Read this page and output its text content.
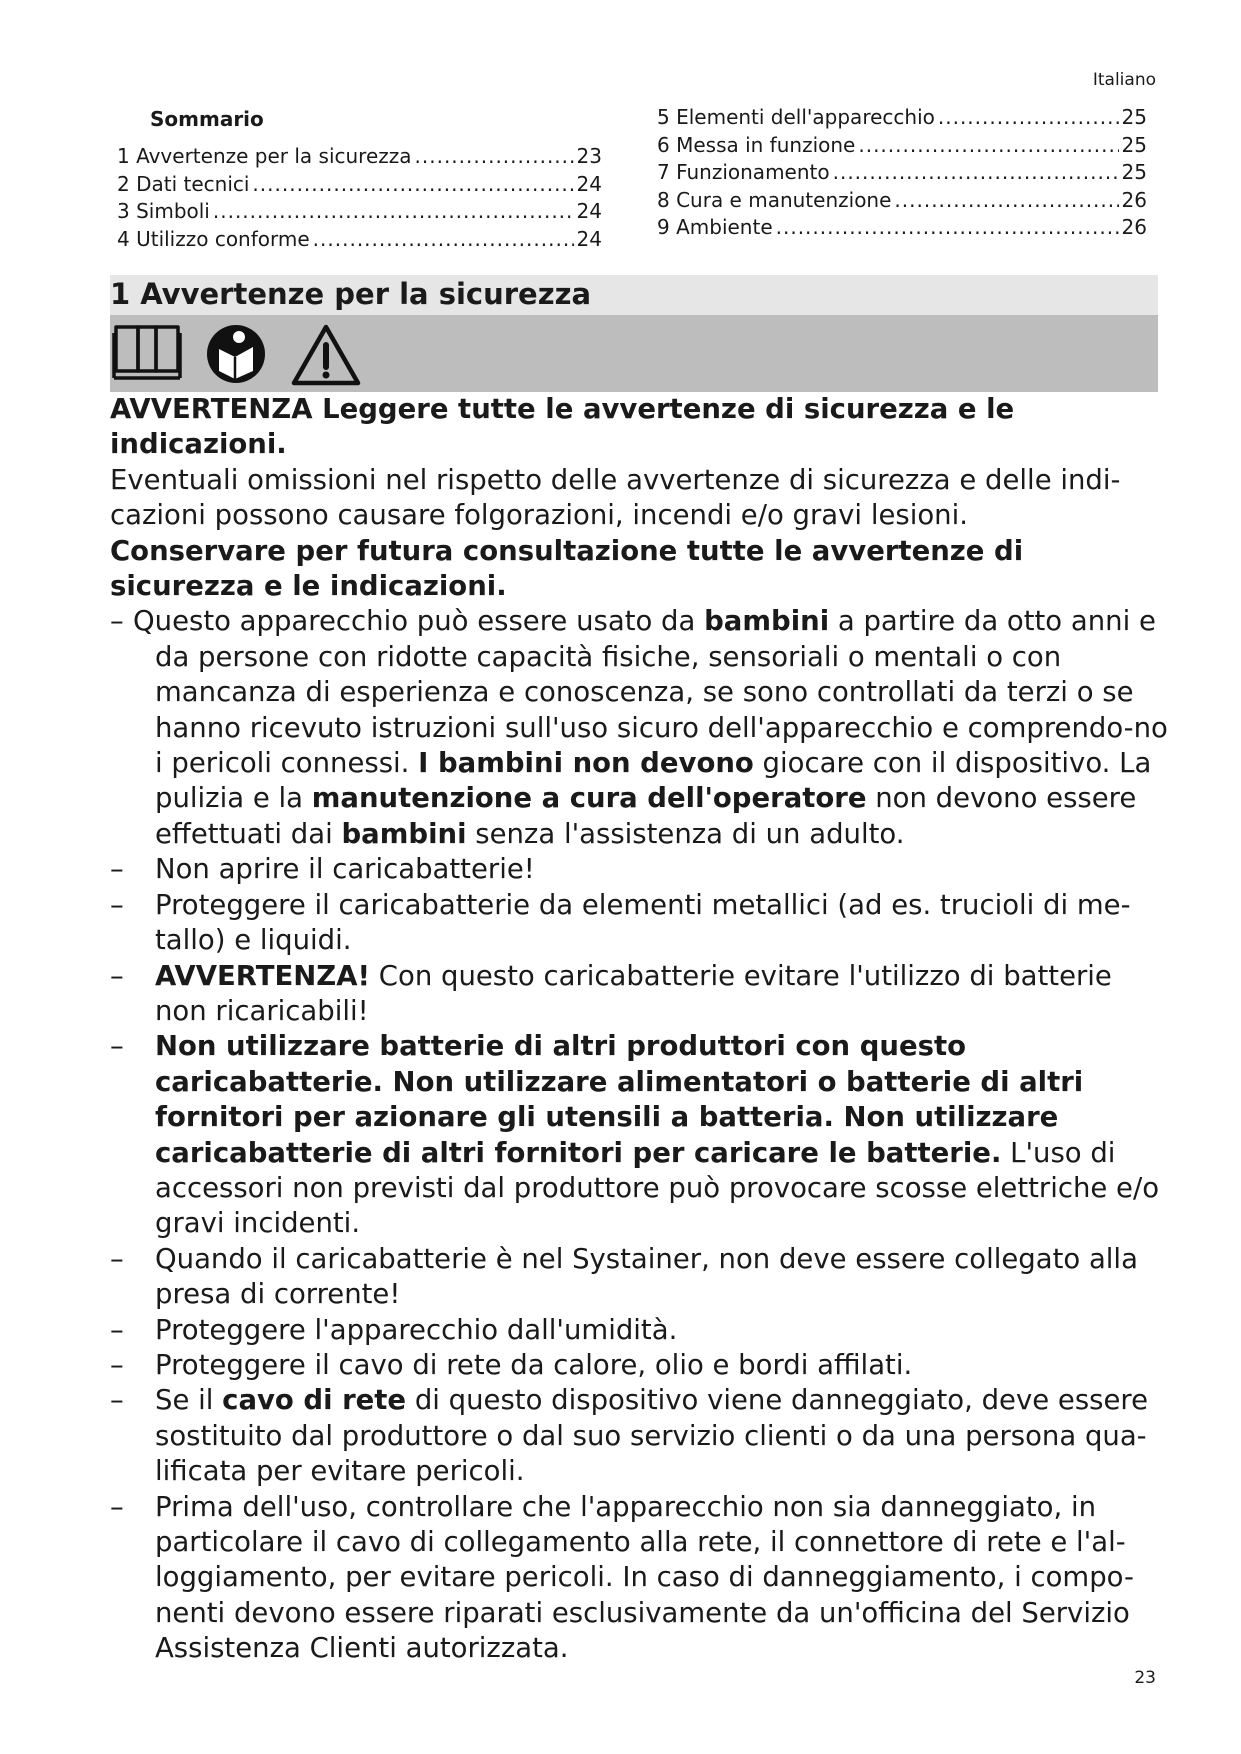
Italiano
Sommario
1 Avvertenze per la sicurezza .....	23
2 Dati tecnici .....	24
3 Simboli .....	24
4 Utilizzo conforme .....	24
5 Elementi dell'apparecchio .....	25
6 Messa in funzione .....	25
7 Funzionamento .....	25
8 Cura e manutenzione .....	26
9 Ambiente .....	26
1 Avvertenze per la sicurezza

AVVERTENZA Leggere tutte le avvertenze di sicurezza e le indicazioni.

Eventuali omissioni nel rispetto delle avvertenze di sicurezza e delle indi-cazioni possono causare folgorazioni, incendi e/o gravi lesioni.

Conservare per futura consultazione tutte le avvertenze di sicurezza e le indicazioni.

– Questo apparecchio può essere usato da bambini a partire da otto anni e da persone con ridotte capacità fisiche, sensoriali o mentali o con mancanza di esperienza e conoscenza, se sono controllati da terzi o se hanno ricevuto istruzioni sull'uso sicuro dell'apparecchio e comprendo-no i pericoli connessi. I bambini non devono giocare con il dispositivo. La pulizia e la manutenzione a cura dell'operatore non devono essere effettuati dai bambini senza l'assistenza di un adulto.
– Non aprire il caricabatterie!
– Proteggere il caricabatterie da elementi metallici (ad es. trucioli di me-tallo) e liquidi.
– AVVERTENZA! Con questo caricabatterie evitare l'utilizzo di batterie non ricaricabili!
– Non utilizzare batterie di altri produttori con questo caricabatterie. Non utilizzare alimentatori o batterie di altri fornitori per azionare gli utensili a batteria. Non utilizzare caricabatterie di altri fornitori per caricare le batterie. L'uso di accessori non previsti dal produttore può provocare scosse elettriche e/o gravi incidenti.
– Quando il caricabatterie è nel Systainer, non deve essere collegato alla presa di corrente!
– Proteggere l'apparecchio dall'umidità.
– Proteggere il cavo di rete da calore, olio e bordi affilati.
– Se il cavo di rete di questo dispositivo viene danneggiato, deve essere sostituito dal produttore o dal suo servizio clienti o da una persona qua-lificata per evitare pericoli.
– Prima dell'uso, controllare che l'apparecchio non sia danneggiato, in particolare il cavo di collegamento alla rete, il connettore di rete e l'al-loggiamento, per evitare pericoli. In caso di danneggiamento, i compo-nenti devono essere riparati esclusivamente da un'officina del Servizio Assistenza Clienti autorizzata.
23
